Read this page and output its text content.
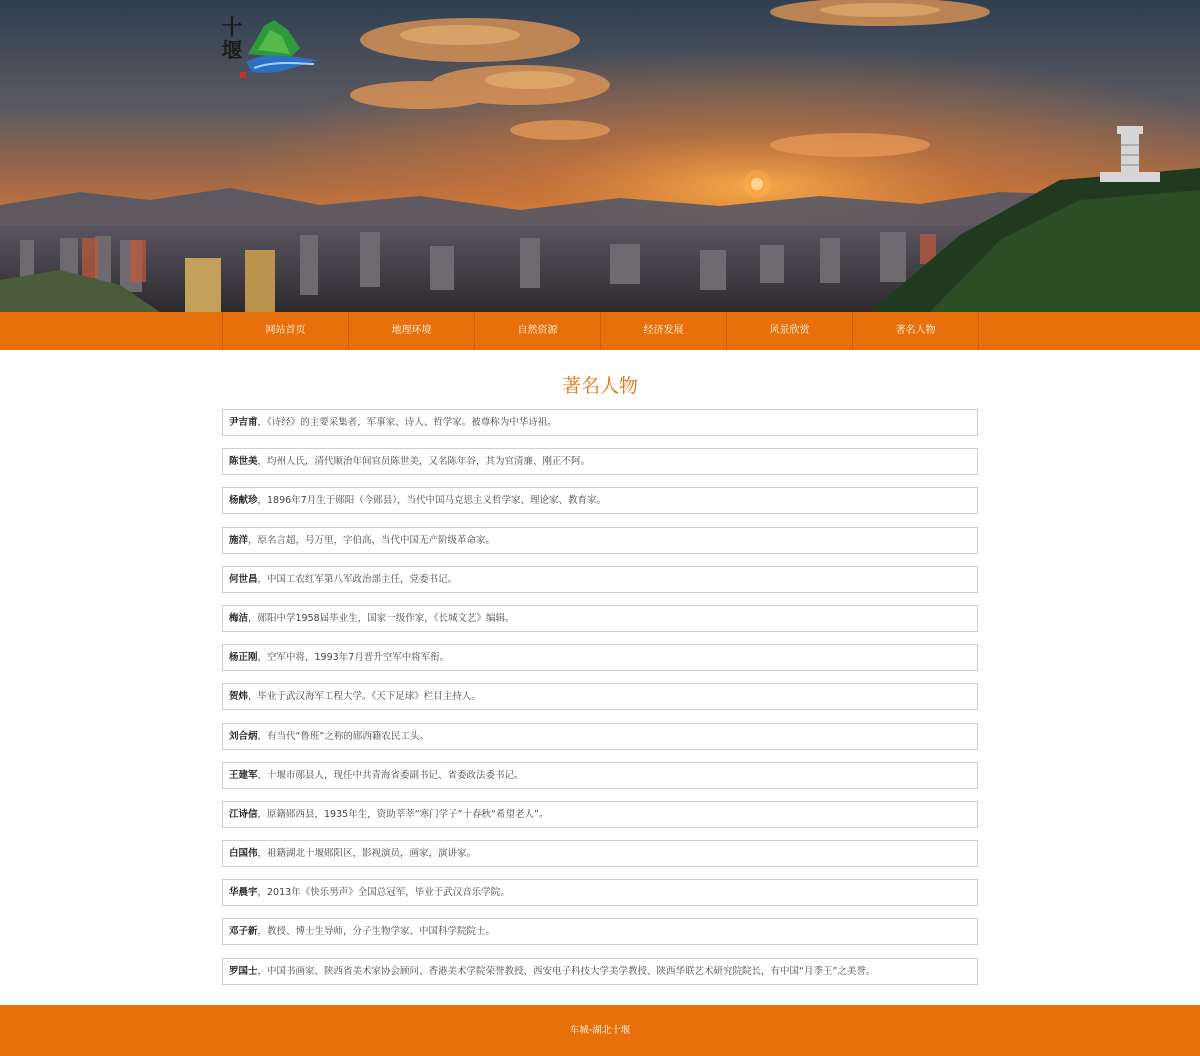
十堰
网站首页	地理环境	自然资源	经济发展	风景欣赏	著名人物
著名人物
尹吉甫，《诗经》的主要采集者，军事家、诗人、哲学家。被尊称为中华诗祖。
陈世美，均州人氏，清代顺治年间官员陈世美，又名陈年谷，其为官清廉、刚正不阿。
杨献珍，1896年7月生于郧阳（今郧县），当代中国马克思主义哲学家、理论家、教育家。
施洋，原名言超，号万里，字伯高，当代中国无产阶级革命家。
何世昌，中国工农红军第八军政治部主任，党委书记。
梅洁，郧阳中学1958届毕业生，国家一级作家，《长城文艺》编辑。
杨正刚，空军中将，1993年7月晋升空军中将军衔。
贺炜，毕业于武汉海军工程大学。《天下足球》栏目主持人。
刘合炳，有当代“鲁班”之称的郧西籍农民工头。
王建军，十堰市郧县人，现任中共青海省委副书记、省委政法委书记。
江诗信，原籍郧西县，1935年生，资助莘莘“寒门学子”十春秋“希望老人”。
白国伟，祖籍湖北十堰郧阳区，影视演员，画家，演讲家。
华晨宇，2013年《快乐男声》全国总冠军，毕业于武汉音乐学院。
邓子新，教授、博士生导师，分子生物学家、中国科学院院士。
罗国士，中国书画家、陕西省美术家协会顾问、香港美术学院荣誉教授、西安电子科技大学美学教授、陕西华联艺术研究院院长，有中国“月季王”之美誉。
车城-湖北十堰
